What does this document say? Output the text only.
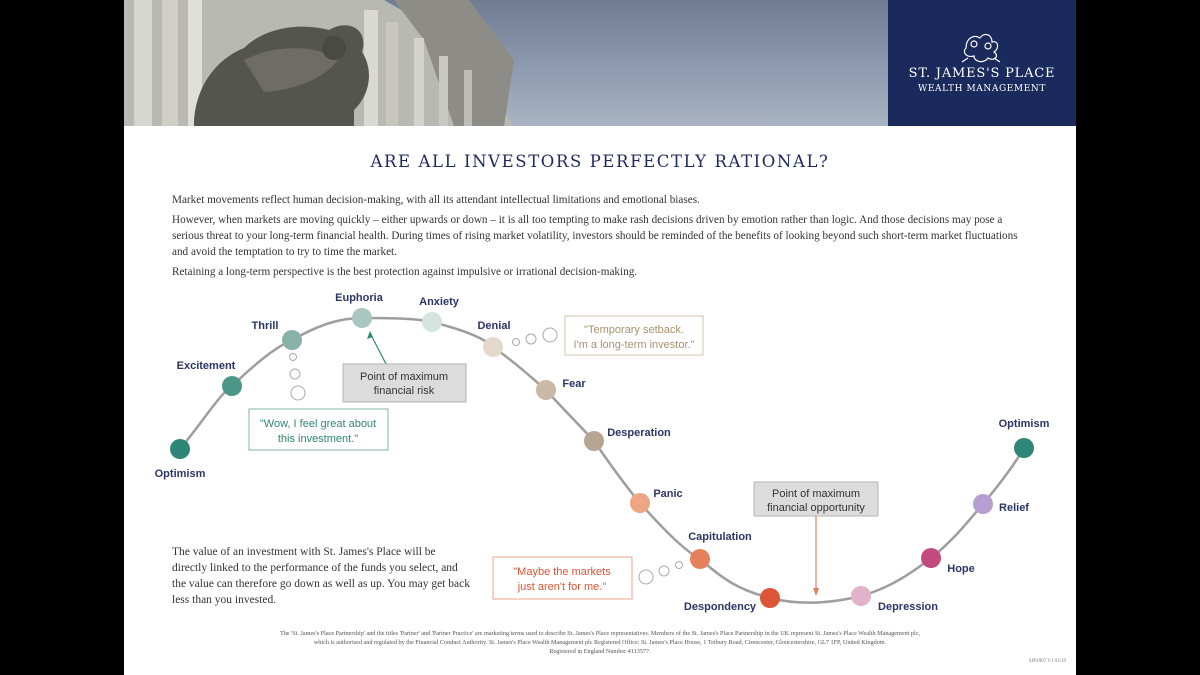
ST. JAMES'S PLACE
WEALTH MANAGEMENT
ARE ALL INVESTORS PERFECTLY RATIONAL?
Market movements reflect human decision-making, with all its attendant intellectual limitations and emotional biases.
However, when markets are moving quickly – either upwards or down – it is all too tempting to make rash decisions driven by emotion rather than logic. And those decisions may pose a serious threat to your long-term financial health. During times of rising market volatility, investors should be reminded of the benefits of looking beyond such short-term market fluctuations and avoid the temptation to try to time the market.
Retaining a long-term perspective is the best protection against impulsive or irrational decision-making.
Optimism
Excitement
Thrill
Euphoria	Anxiety
Denial
Fear
Desperation
Panic
Capitulation
Despondency	Depression
Hope
Relief
Optimism
Point of maximum
financial risk
Point of maximum
financial opportunity
"Wow, I feel great about
this investment."
"Temporary setback.
I'm a long-term investor."
"Maybe the markets
just aren't for me."
The value of an investment with St. James's Place will be directly linked to the performance of the funds you select, and the value can therefore go down as well as up. You may get back less than you invested.
The 'St. James's Place Partnership' and the titles 'Partner' and 'Partner Practice' are marketing terms used to describe St. James's Place representatives. Members of the St. James's Place Partnership in the UK represent St. James's Place Wealth Management plc,
which is authorised and regulated by the Financial Conduct Authority. St. James's Place Wealth Management plc Registered Office: St. James's Place House, 1 Tetbury Road, Cirencester, Gloucestershire, GL7 1FP, United Kingdom.
Registered in England Number 4113577.
SJP4907 V1 03/19
